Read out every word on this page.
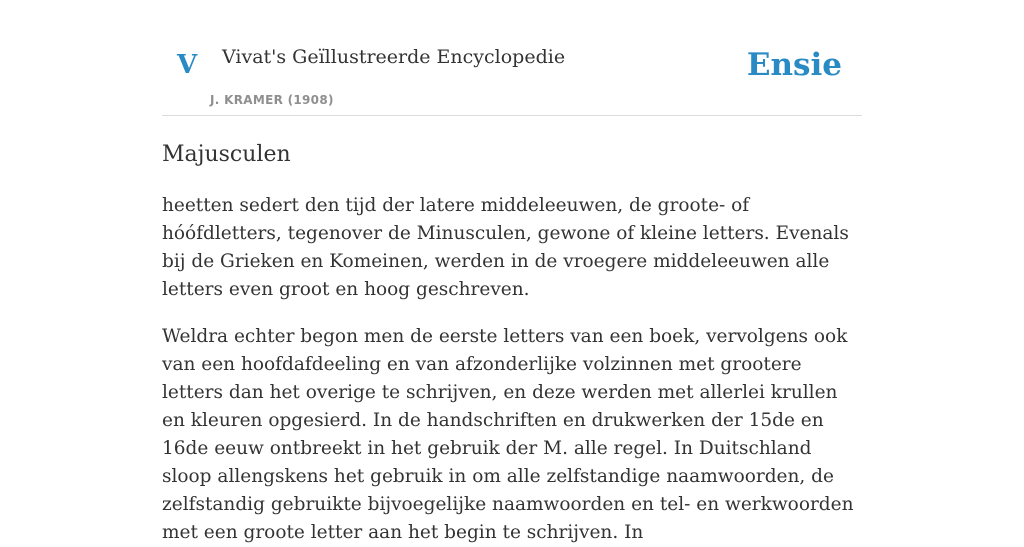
V Vivat's Geïllustreerde Encyclopedie
J. KRAMER (1908)
Ensie
Majusculen

heetten sedert den tijd der latere middeleeuwen, de groote- of hóófdletters, tegenover de Minusculen, gewone of kleine letters. Evenals bij de Grieken en Komeinen, werden in de vroegere middeleeuwen alle letters even groot en hoog geschreven.

Weldra echter begon men de eerste letters van een boek, vervolgens ook van een hoofdafdeeling en van afzonderlijke volzinnen met grootere letters dan het overige te schrijven, en deze werden met allerlei krullen en kleuren opgesierd. In de handschriften en drukwerken der 15de en 16de eeuw ontbreekt in het gebruik der M. alle regel. In Duitschland sloop allengskens het gebruik in om alle zelfstandige naamwoorden, de zelfstandig gebruikte bijvoegelijke naamwoorden en tel- en werkwoorden met een groote letter aan het begin te schrijven. In
